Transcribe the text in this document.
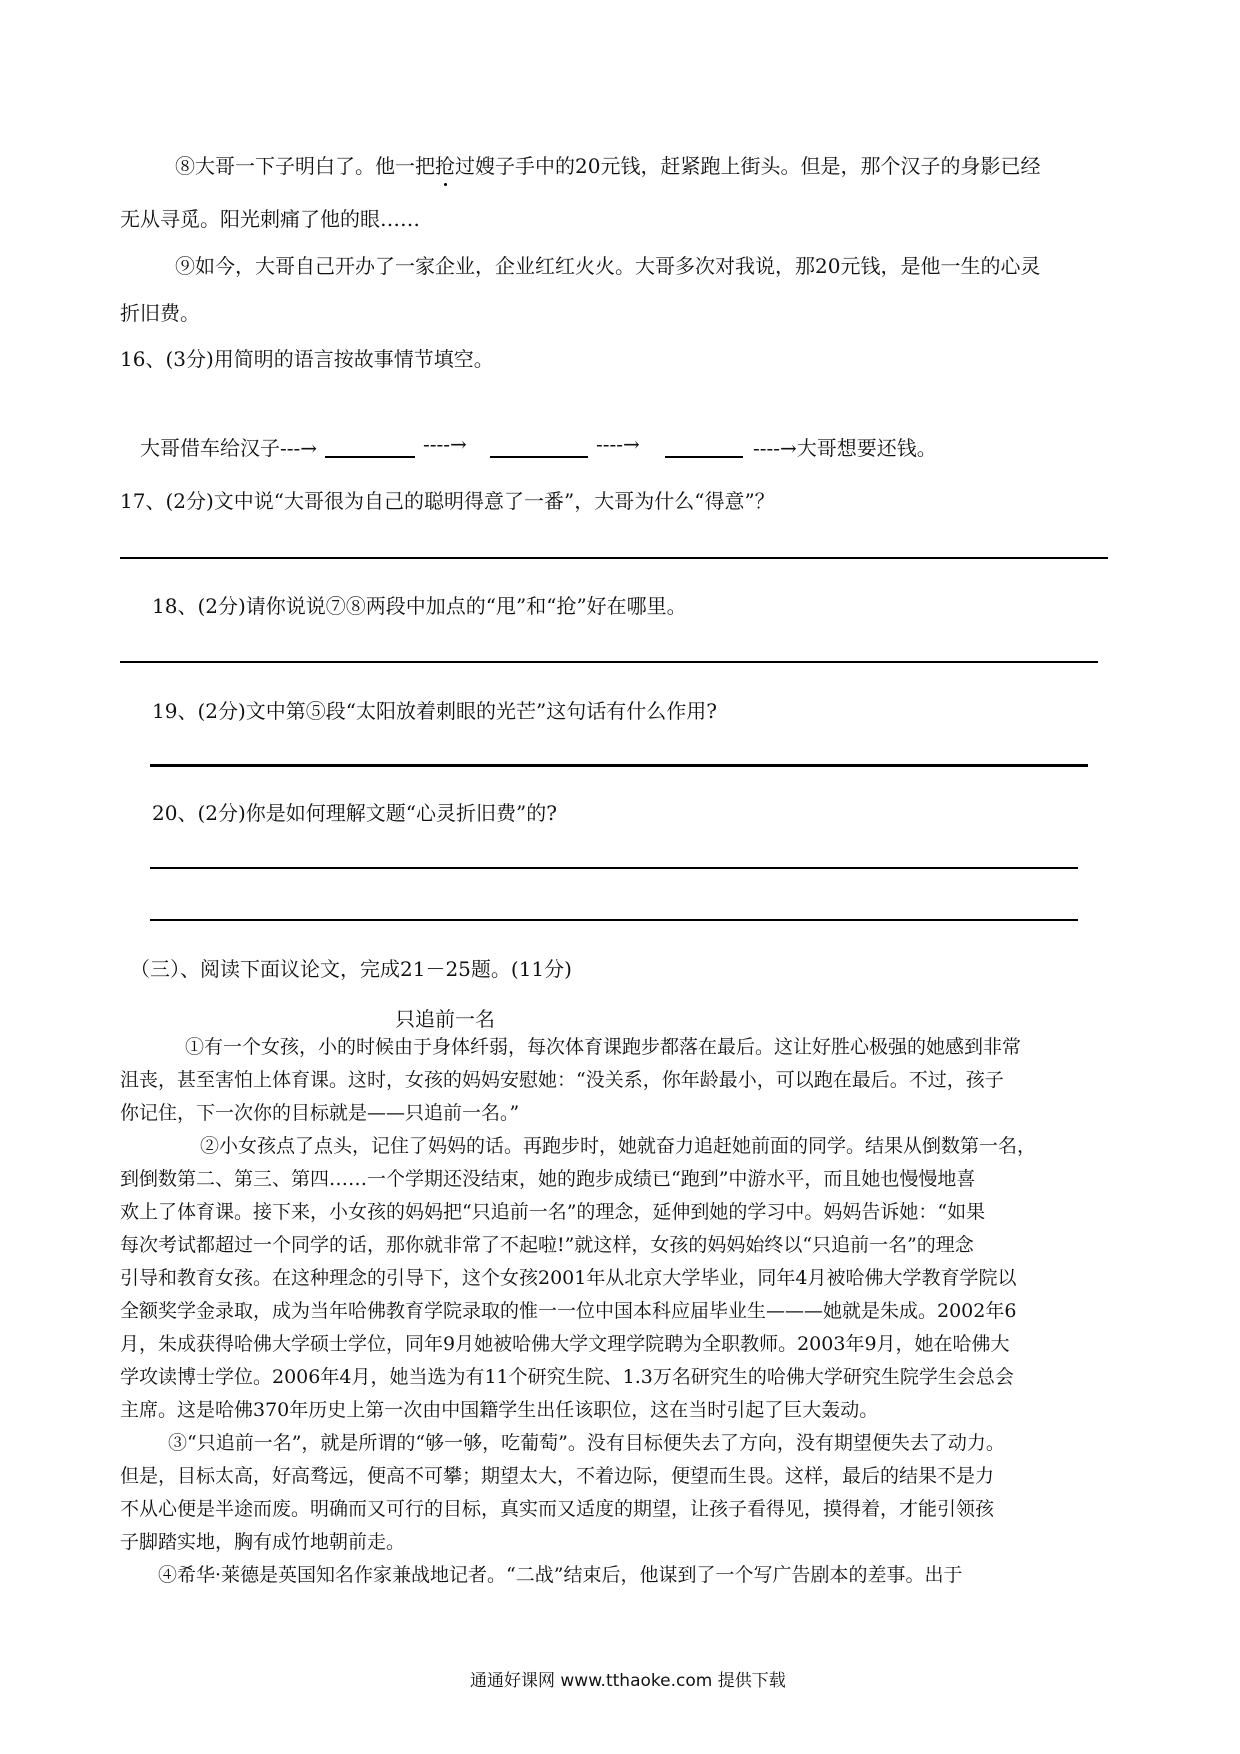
⑧大哥一下子明白了。他一把抢过嫂子手中的20元钱，赶紧跑上街头。但是，那个汉子的身影已经
无从寻觅。阳光刺痛了他的眼……
⑨如今，大哥自己开办了一家企业，企业红红火火。大哥多次对我说，那20元钱，是他一生的心灵
折旧费。
16、(3分)用简明的语言按故事情节填空。
大哥借车给汉子---→	----→	----→	----→大哥想要还钱。
17、(2分)文中说“大哥很为自己的聪明得意了一番”，大哥为什么“得意”？
18、(2分)请你说说⑦⑧两段中加点的“甩”和“抢”好在哪里。
19、(2分)文中第⑤段“太阳放着刺眼的光芒”这句话有什么作用?
20、(2分)你是如何理解文题“心灵折旧费”的?
（三）、阅读下面议论文，完成21－25题。(11分)
只追前一名

①有一个女孩，小的时候由于身体纤弱，每次体育课跑步都落在最后。这让好胜心极强的她感到非常

沮丧，甚至害怕上体育课。这时，女孩的妈妈安慰她：“没关系，你年龄最小，可以跑在最后。不过，孩子

你记住，下一次你的目标就是——只追前一名。”

②小女孩点了点头，记住了妈妈的话。再跑步时，她就奋力追赶她前面的同学。结果从倒数第一名，

到倒数第二、第三、第四……一个学期还没结束，她的跑步成绩已“跑到”中游水平，而且她也慢慢地喜

欢上了体育课。接下来，小女孩的妈妈把“只追前一名”的理念，延伸到她的学习中。妈妈告诉她：“如果

每次考试都超过一个同学的话，那你就非常了不起啦!”就这样，女孩的妈妈始终以“只追前一名”的理念

引导和教育女孩。在这种理念的引导下，这个女孩2001年从北京大学毕业，同年4月被哈佛大学教育学院以

全额奖学金录取，成为当年哈佛教育学院录取的惟一一位中国本科应届毕业生———她就是朱成。2002年6

月，朱成获得哈佛大学硕士学位，同年9月她被哈佛大学文理学院聘为全职教师。2003年9月，她在哈佛大

学攻读博士学位。2006年4月，她当选为有11个研究生院、1.3万名研究生的哈佛大学研究生院学生会总会

主席。这是哈佛370年历史上第一次由中国籍学生出任该职位，这在当时引起了巨大轰动。

③“只追前一名”，就是所谓的“够一够，吃葡萄”。没有目标便失去了方向，没有期望便失去了动力。

但是，目标太高，好高骛远，便高不可攀；期望太大，不着边际，便望而生畏。这样，最后的结果不是力

不从心便是半途而废。明确而又可行的目标，真实而又适度的期望，让孩子看得见，摸得着，才能引领孩

子脚踏实地，胸有成竹地朝前走。

④希华·莱德是英国知名作家兼战地记者。“二战”结束后，他谋到了一个写广告剧本的差事。出于

通通好课网 www.tthaoke.com 提供下载
